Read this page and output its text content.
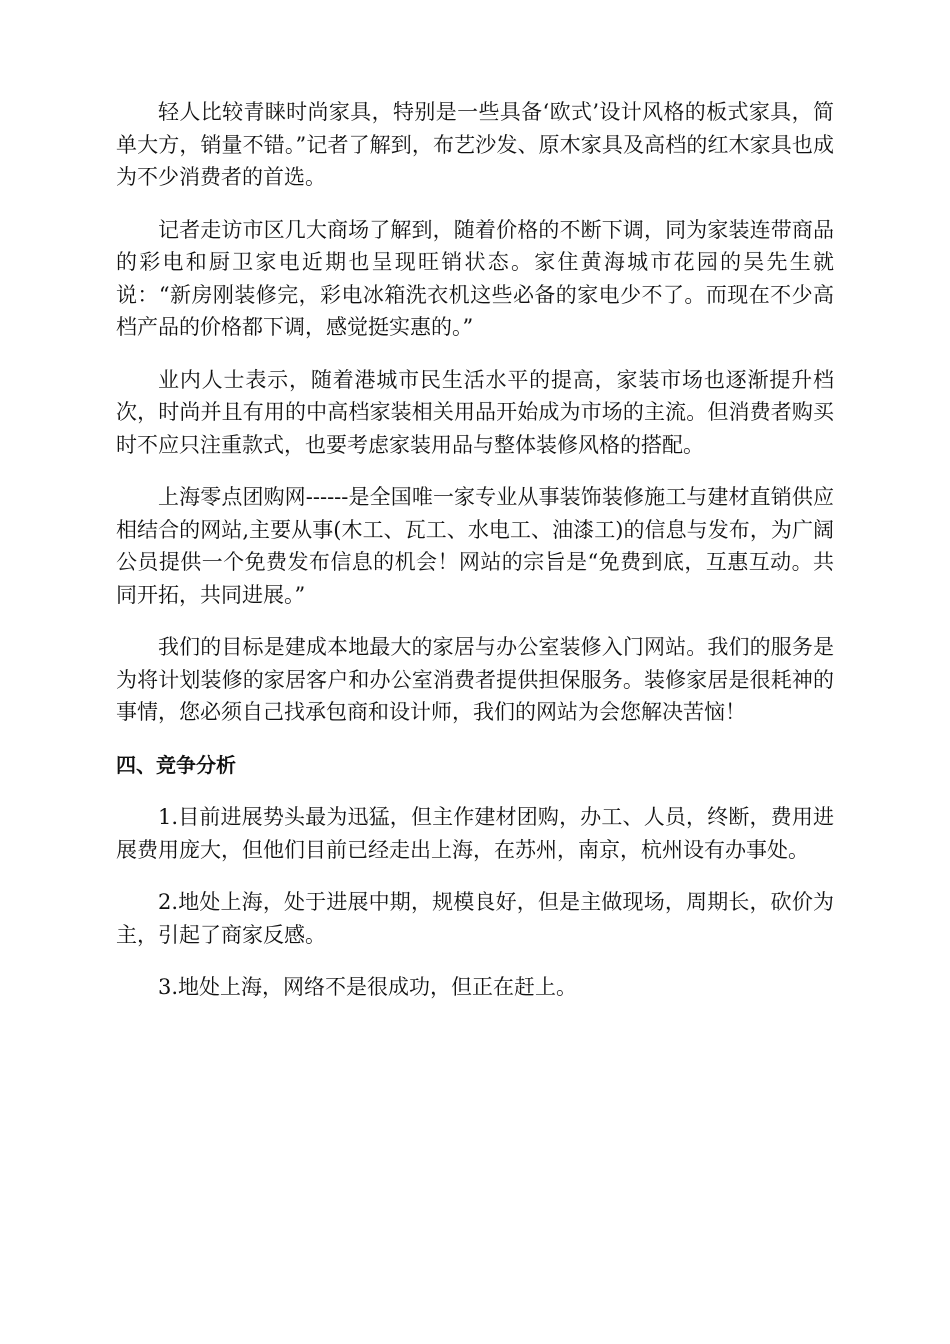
轻人比较青睐时尚家具，特别是一些具备‘欧式’设计风格的板式家具，简单大方，销量不错。”记者了解到，布艺沙发、原木家具及高档的红木家具也成为不少消费者的首选。

记者走访市区几大商场了解到，随着价格的不断下调，同为家装连带商品的彩电和厨卫家电近期也呈现旺销状态。家住黄海城市花园的吴先生就说：“新房刚装修完，彩电冰箱洗衣机这些必备的家电少不了。而现在不少高档产品的价格都下调，感觉挺实惠的。”

业内人士表示，随着港城市民生活水平的提高，家装市场也逐渐提升档次，时尚并且有用的中高档家装相关用品开始成为市场的主流。但消费者购买时不应只注重款式，也要考虑家装用品与整体装修风格的搭配。

上海零点团购网------是全国唯一家专业从事装饰装修施工与建材直销供应相结合的网站,主要从事(木工、瓦工、水电工、油漆工)的信息与发布，为广阔公员提供一个免费发布信息的机会！网站的宗旨是“免费到底，互惠互动。共同开拓，共同进展。”

我们的目标是建成本地最大的家居与办公室装修入门网站。我们的服务是为将计划装修的家居客户和办公室消费者提供担保服务。装修家居是很耗神的事情，您必须自己找承包商和设计师，我们的网站为会您解决苦恼！

四、竞争分析

1.目前进展势头最为迅猛，但主作建材团购，办工、人员，终断，费用进展费用庞大，但他们目前已经走出上海，在苏州，南京，杭州设有办事处。

2.地处上海，处于进展中期，规模良好，但是主做现场，周期长，砍价为主，引起了商家反感。

3.地处上海，网络不是很成功，但正在赶上。
